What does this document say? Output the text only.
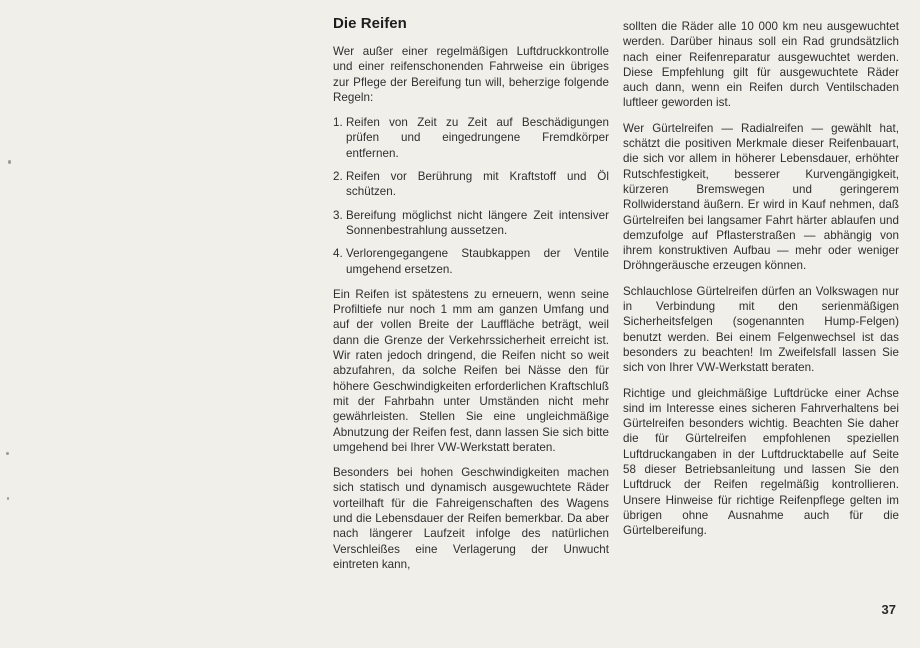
Die Reifen

Wer außer einer regelmäßigen Luftdruckkontrolle und einer reifenschonenden Fahrweise ein übriges zur Pflege der Bereifung tun will, beherzige folgende Regeln:

1. Reifen von Zeit zu Zeit auf Beschädigungen prüfen und eingedrungene Fremdkörper entfernen.
2. Reifen vor Berührung mit Kraftstoff und Öl schützen.
3. Bereifung möglichst nicht längere Zeit intensiver Sonnenbestrahlung aussetzen.
4. Verlorengegangene Staubkappen der Ventile umgehend ersetzen.

Ein Reifen ist spätestens zu erneuern, wenn seine Profiltiefe nur noch 1 mm am ganzen Umfang und auf der vollen Breite der Lauffläche beträgt, weil dann die Grenze der Verkehrssicherheit erreicht ist. Wir raten jedoch dringend, die Reifen nicht so weit abzufahren, da solche Reifen bei Nässe den für höhere Geschwindigkeiten erforderlichen Kraftschluß mit der Fahrbahn unter Umständen nicht mehr gewährleisten. Stellen Sie eine ungleichmäßige Abnutzung der Reifen fest, dann lassen Sie sich bitte umgehend bei Ihrer VW-Werkstatt beraten.

Besonders bei hohen Geschwindigkeiten machen sich statisch und dynamisch ausgewuchtete Räder vorteilhaft für die Fahreigenschaften des Wagens und die Lebensdauer der Reifen bemerkbar. Da aber nach längerer Laufzeit infolge des natürlichen Verschleißes eine Verlagerung der Unwucht eintreten kann,

sollten die Räder alle 10 000 km neu ausgewuchtet werden. Darüber hinaus soll ein Rad grundsätzlich nach einer Reifenreparatur ausgewuchtet werden. Diese Empfehlung gilt für ausgewuchtete Räder auch dann, wenn ein Reifen durch Ventilschaden luftleer geworden ist.

Wer Gürtelreifen — Radialreifen — gewählt hat, schätzt die positiven Merkmale dieser Reifenbauart, die sich vor allem in höherer Lebensdauer, erhöhter Rutschfestigkeit, besserer Kurvengängigkeit, kürzeren Bremswegen und geringerem Rollwiderstand äußern. Er wird in Kauf nehmen, daß Gürtelreifen bei langsamer Fahrt härter ablaufen und demzufolge auf Pflasterstraßen — abhängig von ihrem konstruktiven Aufbau — mehr oder weniger Dröhngeräusche erzeugen können.

Schlauchlose Gürtelreifen dürfen an Volkswagen nur in Verbindung mit den serienmäßigen Sicherheitsfelgen (sogenannten Hump-Felgen) benutzt werden. Bei einem Felgenwechsel ist das besonders zu beachten! Im Zweifelsfall lassen Sie sich von Ihrer VW-Werkstatt beraten.

Richtige und gleichmäßige Luftdrücke einer Achse sind im Interesse eines sicheren Fahrverhaltens bei Gürtelreifen besonders wichtig. Beachten Sie daher die für Gürtelreifen empfohlenen speziellen Luftdruckangaben in der Luftdrucktabelle auf Seite 58 dieser Betriebsanleitung und lassen Sie den Luftdruck der Reifen regelmäßig kontrollieren. Unsere Hinweise für richtige Reifenpflege gelten im übrigen ohne Ausnahme auch für die Gürtelbereifung.

37
